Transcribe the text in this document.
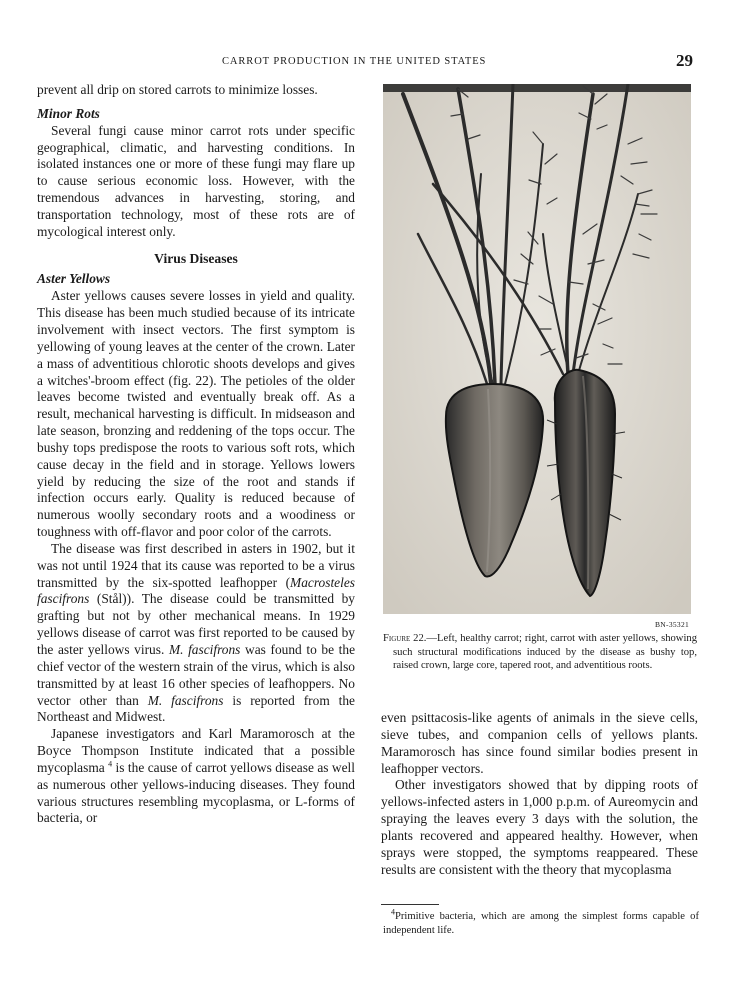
CARROT PRODUCTION IN THE UNITED STATES	29

prevent all drip on stored carrots to minimize losses.

Minor Rots

Several fungi cause minor carrot rots under specific geographical, climatic, and harvesting conditions. In isolated instances one or more of these fungi may flare up to cause serious economic loss. However, with the tremendous advances in harvesting, storing, and transportation technology, most of these rots are of mycological interest only.

Virus Diseases
Aster Yellows

Aster yellows causes severe losses in yield and quality. This disease has been much studied because of its intricate involvement with insect vectors. The first symptom is yellowing of young leaves at the center of the crown. Later a mass of adventitious chlorotic shoots develops and gives a witches'-broom effect (fig. 22). The petioles of the older leaves become twisted and eventually break off. As a result, mechanical harvesting is difficult. In midseason and late season, bronzing and reddening of the tops occur. The bushy tops predispose the roots to various soft rots, which cause decay in the field and in storage. Yellows lowers yield by reducing the size of the root and stands if infection occurs early. Quality is reduced because of numerous woolly secondary roots and a woodiness or toughness with off-flavor and poor color of the carrots.

The disease was first described in asters in 1902, but it was not until 1924 that its cause was reported to be a virus transmitted by the six-spotted leafhopper (Macrosteles fascifrons (Stål)). The disease could be transmitted by grafting but not by other mechanical means. In 1929 yellows disease of carrot was first reported to be caused by the aster yellows virus. M. fascifrons was found to be the chief vector of the western strain of the virus, which is also transmitted by at least 16 other species of leafhoppers. No vector other than M. fascifrons is reported from the Northeast and Midwest.

Japanese investigators and Karl Maramorosch at the Boyce Thompson Institute indicated that a possible mycoplasma $^4$ is the cause of carrot yellows disease as well as numerous other yellows-inducing diseases. They found various structures resembling mycoplasma, or L-forms of bacteria, or

BN-35321
Figure 22.—Left, healthy carrot; right, carrot with aster yellows, showing such structural modifications induced by the disease as bushy top, raised crown, large core, tapered root, and adventitious roots.

even psittacosis-like agents of animals in the sieve cells, sieve tubes, and companion cells of yellows plants. Maramorosch has since found similar bodies present in leafhopper vectors.

Other investigators showed that by dipping roots of yellows-infected asters in 1,000 p.p.m. of Aureomycin and spraying the leaves every 3 days with the solution, the plants recovered and appeared healthy. However, when sprays were stopped, the symptoms reappeared. These results are consistent with the theory that mycoplasma

$^4$Primitive bacteria, which are among the simplest forms capable of independent life.
